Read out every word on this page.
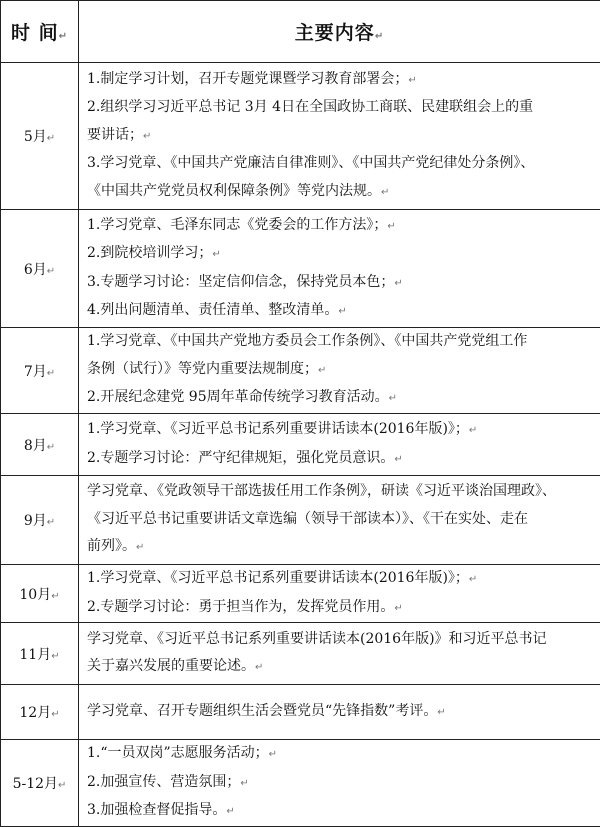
时 间↵	主要内容↵
5月↵	1.制定学习计划，召开专题党课暨学习教育部署会；↵
2.组织学习习近平总书记 3月 4日在全国政协工商联、民建联组会上的重
要讲话；↵
3.学习党章、《中国共产党廉洁自律准则》、《中国共产党纪律处分条例》、
《中国共产党党员权利保障条例》等党内法规。↵

6月↵	1.学习党章、毛泽东同志《党委会的工作方法》；↵
2.到院校培训学习；↵
3.专题学习讨论：坚定信仰信念，保持党员本色；↵
4.列出问题清单、责任清单、整改清单。↵

7月↵	1.学习党章、《中国共产党地方委员会工作条例》、《中国共产党党组工作
条例（试行）》等党内重要法规制度；↵
2.开展纪念建党 95周年革命传统学习教育活动。↵

8月↵	1.学习党章、《习近平总书记系列重要讲话读本(2016年版)》；↵
2.专题学习讨论：严守纪律规矩，强化党员意识。↵

9月↵	学习党章、《党政领导干部选拔任用工作条例》，研读《习近平谈治国理政》、
《习近平总书记重要讲话文章选编（领导干部读本）》、《干在实处、走在
前列》。↵

10月↵	1.学习党章、《习近平总书记系列重要讲话读本(2016年版)》；↵
2.专题学习讨论：勇于担当作为，发挥党员作用。↵

11月↵	学习党章、《习近平总书记系列重要讲话读本(2016年版)》和习近平总书记
关于嘉兴发展的重要论述。↵

12月↵	学习党章、召开专题组织生活会暨党员“先锋指数”考评。↵

5-12月↵	1.“一员双岗”志愿服务活动；↵
2.加强宣传、营造氛围；↵
3.加强检查督促指导。↵
